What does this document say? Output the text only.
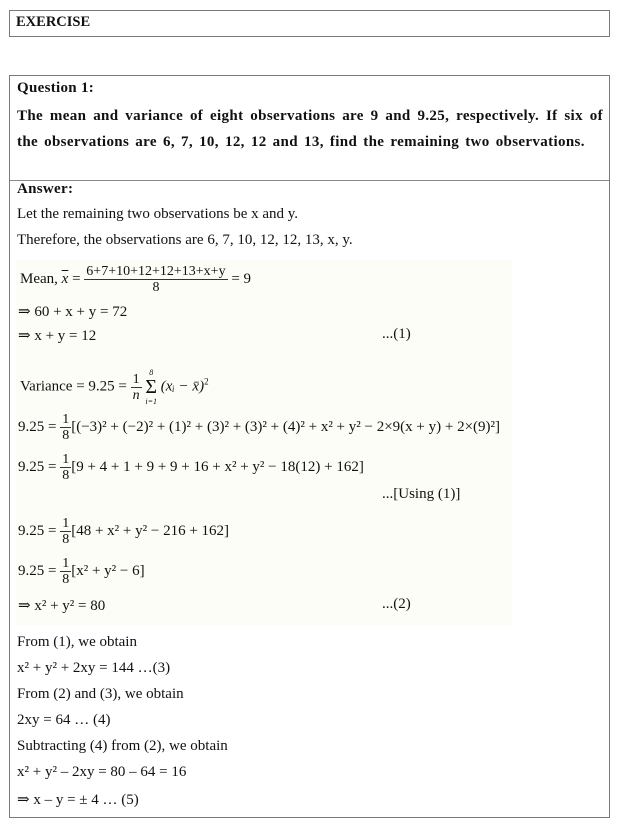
EXERCISE
Question 1:
The mean and variance of eight observations are 9 and 9.25, respectively. If six of the observations are 6, 7, 10, 12, 12 and 13, find the remaining two observations.
Answer:
Let the remaining two observations be x and y.
Therefore, the observations are 6, 7, 10, 12, 12, 13, x, y.
Mean, $\overline{x} = \frac{6+7+10+12+12+13+x+y}{8} = 9$
⇒ 60 + x + y = 72
⇒ x + y = 12	...(1)
Variance = $9.25 = \frac{1}{n}$
8
Σ
i=1
(xᵢ − x̄)$^2$
$9.25 = \frac{1}{8} [(-3)^2 + (-2)^2 + (1)^2 + (3)^2 + (3)^2 + (4)^2 + x^2 + y^2 - 2\times 9(x + y) + 2\times(9)^2]$
$9.25 = \frac{1}{8} [9 + 4 + 1 + 9 + 9 + 16 + x^2 + y^2 - 18(12) + 162]$
...[Using (1)]
$9.25 = \frac{1}{8} [48 + x^2 + y^2 - 216 + 162]$
$9.25 = \frac{1}{8} [x^2 + y^2 - 6]$
⇒ x² + y² = 80	...(2)
From (1), we obtain
x² + y² + 2xy = 144 …(3)
From (2) and (3), we obtain
2xy = 64 … (4)
Subtracting (4) from (2), we obtain
x² + y² – 2xy = 80 – 64 = 16
⇒ x – y = ± 4 … (5)
